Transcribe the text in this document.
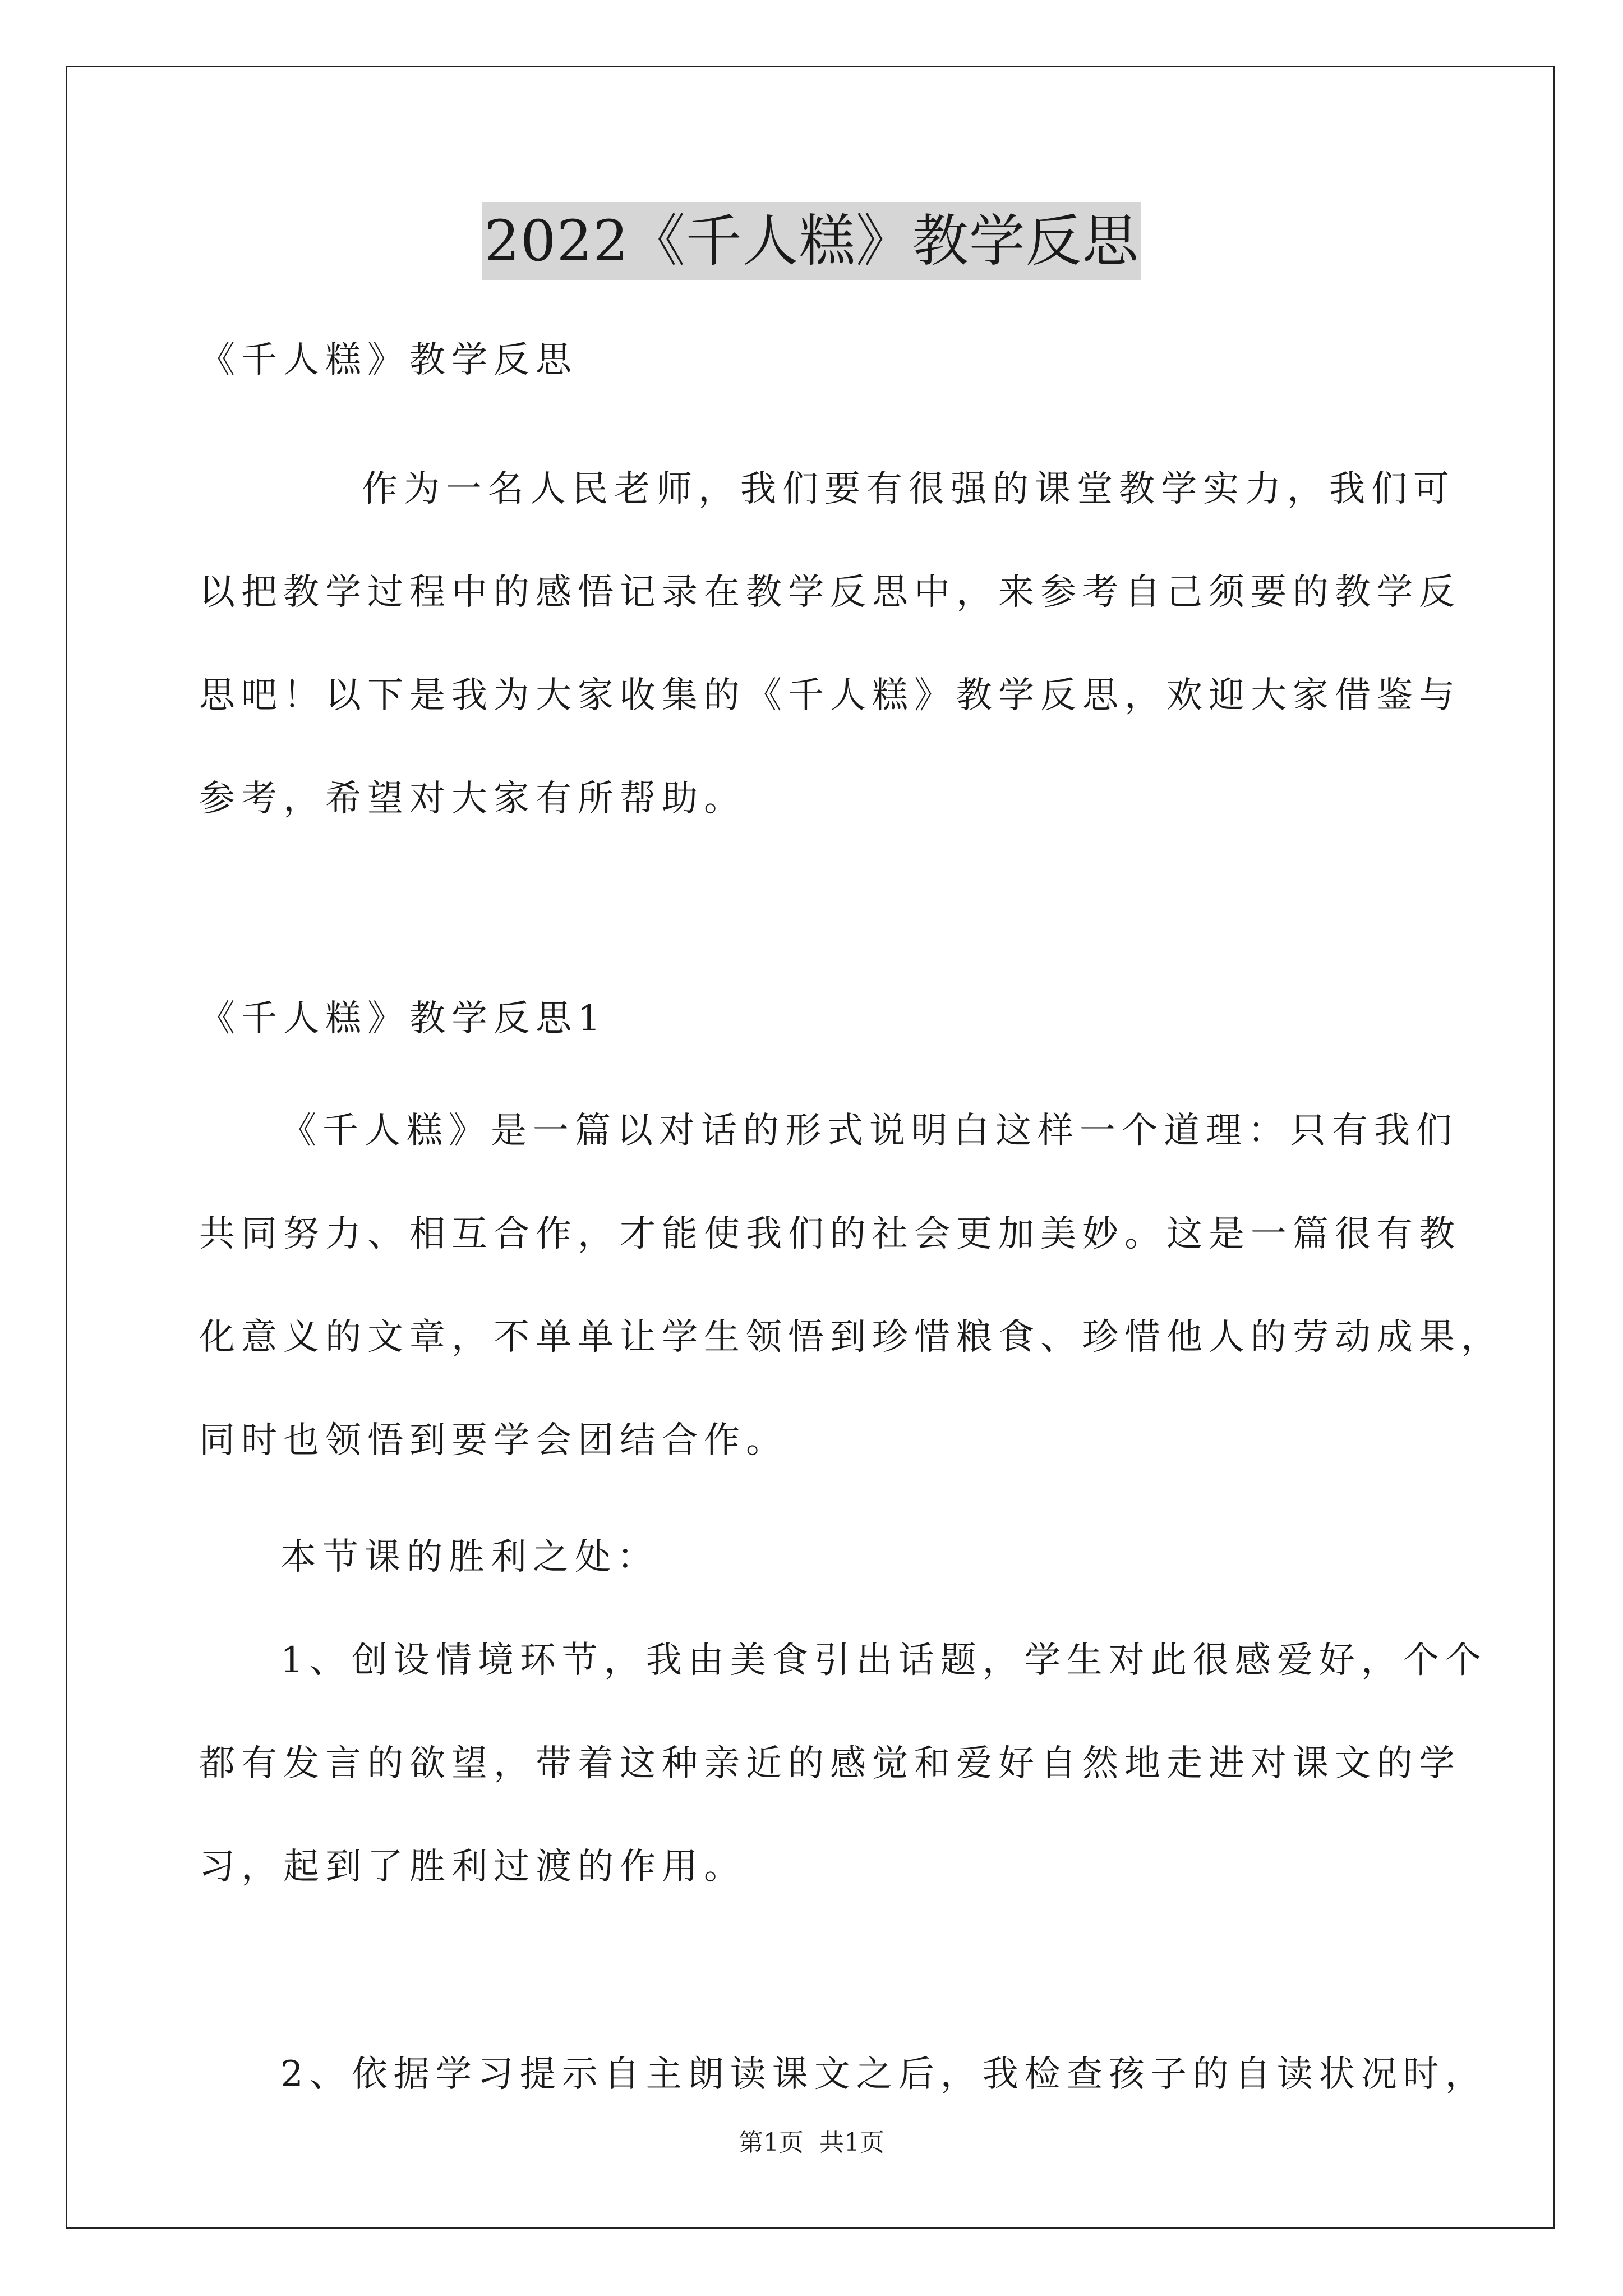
2022《千人糕》教学反思

《千人糕》教学反思

作为一名人民老师，我们要有很强的课堂教学实力，我们可
以把教学过程中的感悟记录在教学反思中，来参考自己须要的教学反
思吧！以下是我为大家收集的《千人糕》教学反思，欢迎大家借鉴与
参考，希望对大家有所帮助。

《千人糕》教学反思1

《千人糕》是一篇以对话的形式说明白这样一个道理：只有我们
共同努力、相互合作，才能使我们的社会更加美妙。这是一篇很有教
化意义的文章，不单单让学生领悟到珍惜粮食、珍惜他人的劳动成果，
同时也领悟到要学会团结合作。

本节课的胜利之处：

1、创设情境环节，我由美食引出话题，学生对此很感爱好，个个
都有发言的欲望，带着这种亲近的感觉和爱好自然地走进对课文的学
习，起到了胜利过渡的作用。

2、依据学习提示自主朗读课文之后，我检查孩子的自读状况时，

第1页 共1页
